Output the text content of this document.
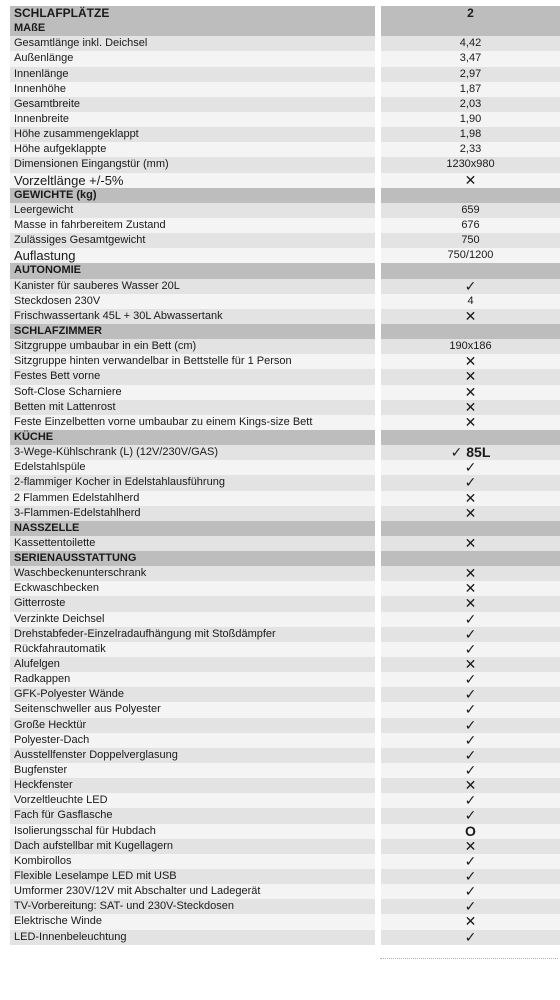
SCHLAFPLÄTZE	2
MAßE
Gesamtlänge inkl. Deichsel	4,42
Außenlänge	3,47
Innenlänge	2,97
Innenhöhe	1,87
Gesamtbreite	2,03
Innenbreite	1,90
Höhe zusammengeklappt	1,98
Höhe aufgeklappte	2,33
Dimensionen Eingangstür (mm)	1230x980
Vorzeltlänge +/-5%	✕
GEWICHTE (kg)
Leergewicht	659
Masse in fahrbereitem Zustand	676
Zulässiges Gesamtgewicht	750
Auflastung	750/1200
AUTONOMIE
Kanister für sauberes Wasser 20L	✓
Steckdosen 230V	4
Frischwassertank 45L + 30L Abwassertank	✕
SCHLAFZIMMER
Sitzgruppe umbaubar in ein Bett (cm)	190x186
Sitzgruppe hinten verwandelbar in Bettstelle für 1 Person	✕
Festes Bett vorne	✕
Soft-Close Scharniere	✕
Betten mit Lattenrost	✕
Feste Einzelbetten vorne umbaubar zu einem Kings-size Bett	✕
KÜCHE
3-Wege-Kühlschrank (L) (12V/230V/GAS)	✓ 85L
Edelstahlspüle	✓
2-flammiger Kocher in Edelstahlausführung	✓
2 Flammen Edelstahlherd	✕
3-Flammen-Edelstahlherd	✕
NASSZELLE
Kassettentoilette	✕
SERIENAUSSTATTUNG
Waschbeckenunterschrank	✕
Eckwaschbecken	✕
Gitterroste	✕
Verzinkte Deichsel	✓
Drehstabfeder-Einzelradaufhängung mit Stoßdämpfer	✓
Rückfahrautomatik	✓
Alufelgen	✕
Radkappen	✓
GFK-Polyester Wände	✓
Seitenschweller aus Polyester	✓
Große Hecktür	✓
Polyester-Dach	✓
Ausstellfenster Doppelverglasung	✓
Bugfenster	✓
Heckfenster	✕
Vorzeltleuchte LED	✓
Fach für Gasflasche	✓
Isolierungsschal für Hubdach	O
Dach aufstellbar mit Kugellagern	✕
Kombirollos	✓
Flexible Leselampe LED mit USB	✓
Umformer 230V/12V mit Abschalter und Ladegerät	✓
TV-Vorbereitung: SAT- und 230V-Steckdosen	✓
Elektrische Winde	✕
LED-Innenbeleuchtung	✓
